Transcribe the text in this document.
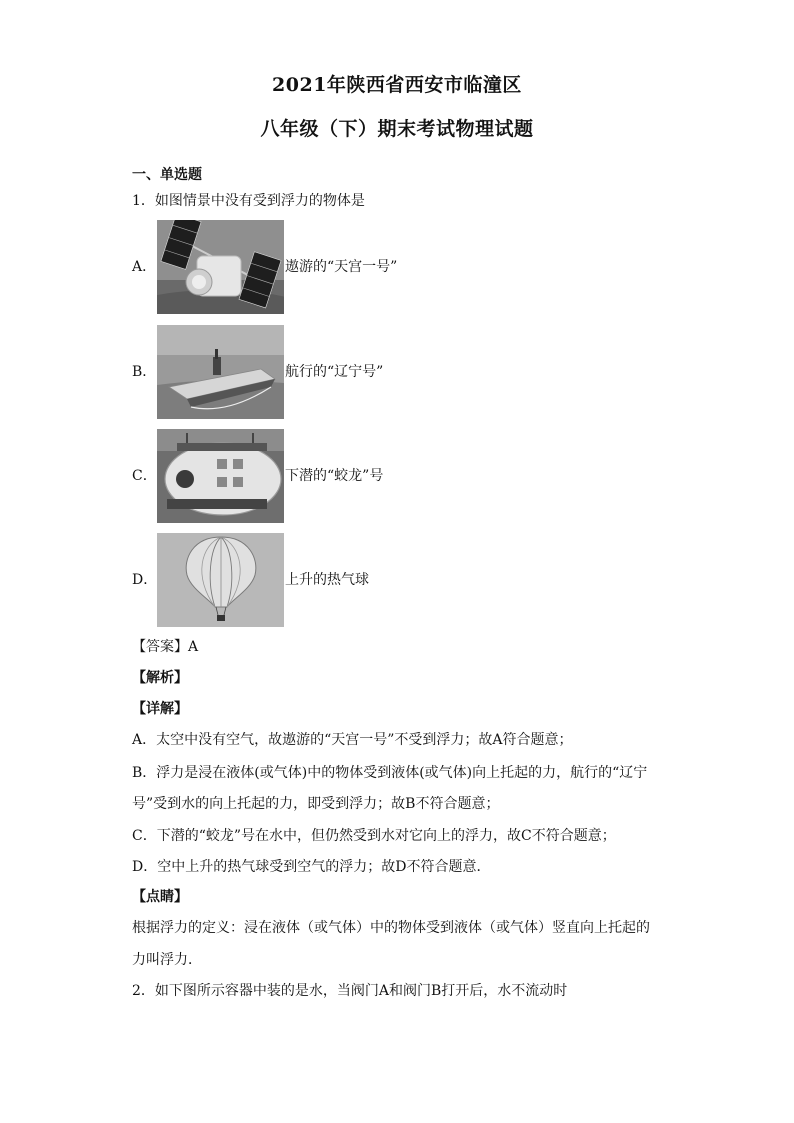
2021年陕西省西安市临潼区
八年级（下）期末考试物理试题
一、单选题
1．如图情景中没有受到浮力的物体是
A．	遨游的“天宫一号”
B．	航行的“辽宁号”
C．	下潜的“蛟龙”号
D．	上升的热气球
【答案】A
【解析】
【详解】
A．太空中没有空气，故遨游的“天宫一号”不受到浮力；故A符合题意；
B．浮力是浸在液体(或气体)中的物体受到液体(或气体)向上托起的力，航行的“辽宁
号”受到水的向上托起的力，即受到浮力；故B不符合题意；
C．下潜的“蛟龙”号在水中，但仍然受到水对它向上的浮力，故C不符合题意；
D．空中上升的热气球受到空气的浮力；故D不符合题意．
【点睛】
根据浮力的定义：浸在液体（或气体）中的物体受到液体（或气体）竖直向上托起的
力叫浮力．
2．如下图所示容器中装的是水，当阀门A和阀门B打开后，水不流动时
